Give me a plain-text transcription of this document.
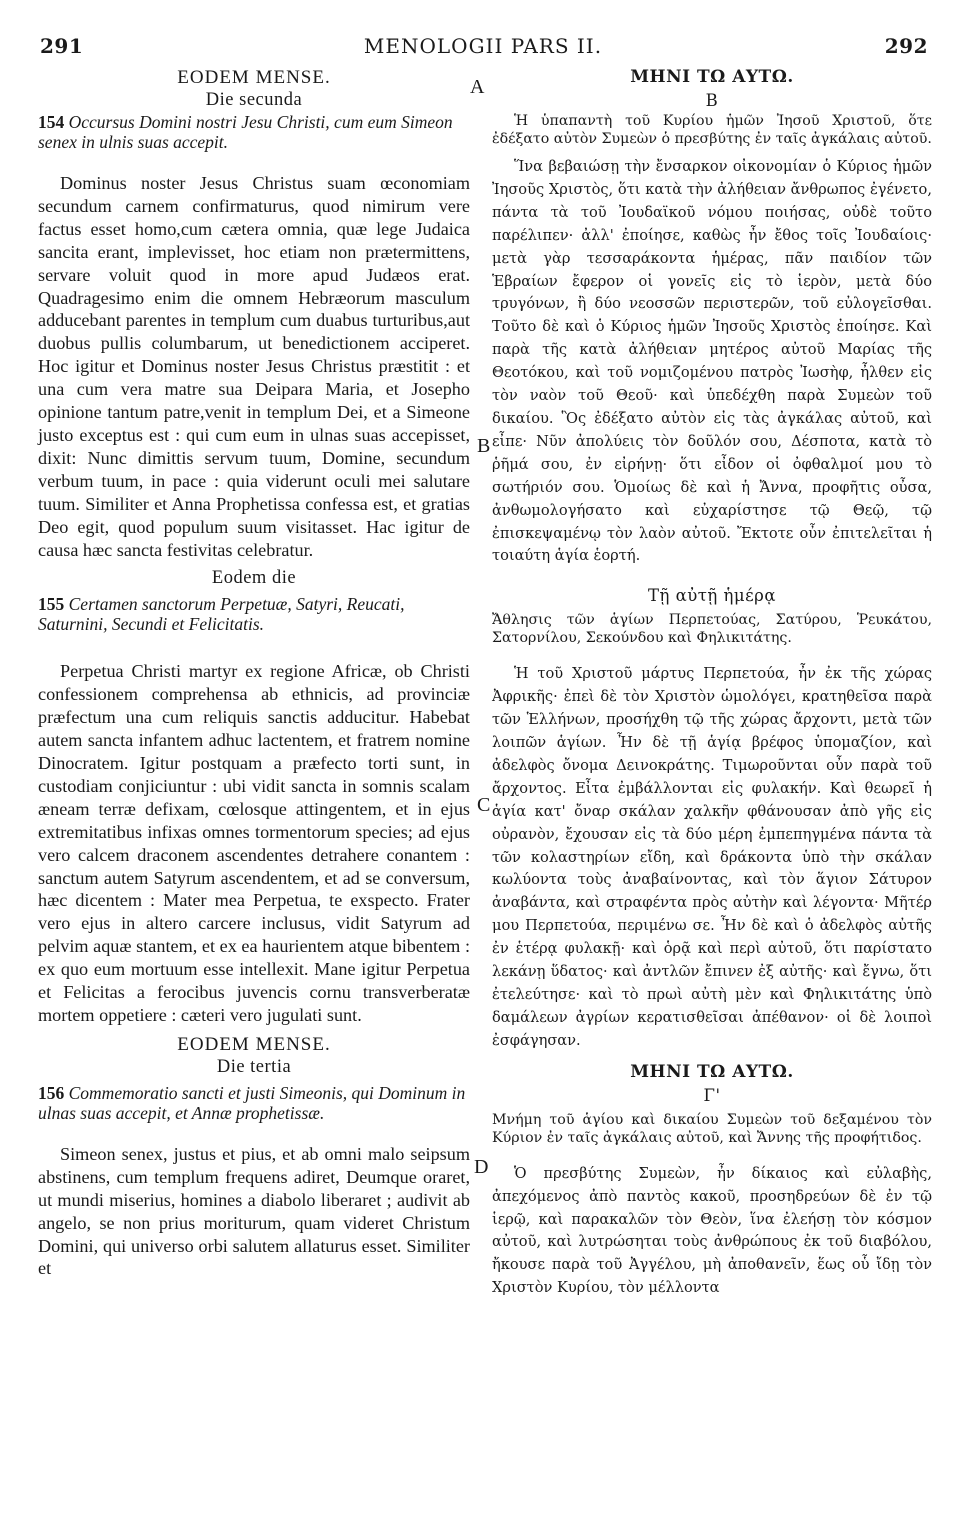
291	MENOLOGII PARS II.	292
A
B
C
D

EODEM MENSE.

Die secunda

154 Occursus Domini nostri Jesu Christi, cum eum Simeon senex in ulnis suas accepit.

Dominus noster Jesus Christus suam œconomiam secundum carnem confirmaturus, quod nimirum vere factus esset homo,cum cætera omnia, quæ lege Judaica sancita erant, implevisset, hoc etiam non prætermittens, servare voluit quod in more apud Judæos erat. Quadragesimo enim die omnem Hebræorum masculum adducebant parentes in templum cum duabus turturibus,aut duobus pullis columbarum, ut benedictionem acciperet. Hoc igitur et Dominus noster Jesus Christus præstitit : et una cum vera matre sua Deipara Maria, et Josepho opinione tantum patre,venit in templum Dei, et a Simeone justo exceptus est : qui cum eum in ulnas suas accepisset, dixit: Nunc dimittis servum tuum, Domine, secundum verbum tuum, in pace : quia viderunt oculi mei salutare tuum. Similiter et Anna Prophetissa confessa est, et gratias Deo egit, quod populum suum visitasset. Hac igitur de causa hæc sancta festivitas celebratur.

Eodem die

155 Certamen sanctorum Perpetuæ, Satyri, Reucati, Saturnini, Secundi et Felicitatis.

Perpetua Christi martyr ex regione Africæ, ob Christi confessionem comprehensa ab ethnicis, ad provinciæ præfectum una cum reliquis sanctis adducitur. Habebat autem sancta infantem adhuc lactentem, et fratrem nomine Dinocratem. Igitur postquam a præfecto torti sunt, in custodiam conjiciuntur : ubi vidit sancta in somnis scalam æneam terræ defixam, cœlosque attingentem, et in ejus extremitatibus infixas omnes tormentorum species; ad ejus vero calcem draconem ascendentes detrahere conantem : sanctum autem Satyrum ascendentem, et ad se conversum, hæc dicentem : Mater mea Perpetua, te exspecto. Frater vero ejus in altero carcere inclusus, vidit Satyrum ad pelvim aquæ stantem, et ex ea haurientem atque bibentem : ex quo eum mortuum esse intellexit. Mane igitur Perpetua et Felicitas a ferocibus juvencis cornu transverberatæ mortem oppetiere : cæteri vero jugulati sunt.

EODEM MENSE.

Die tertia

156 Commemoratio sancti et justi Simeonis, qui Dominum in ulnas suas accepit, et Annæ prophetissæ.

Simeon senex, justus et pius, et ab omni malo seipsum abstinens, cum templum frequens adiret, Deumque oraret, ut mundi miserius, homines a diabolo liberaret ; audivit ab angelo, se non prius moriturum, quam videret Christum Domini, qui universo orbi salutem allaturus esset. Similiter et

ΜΗΝΙ ΤΩ ΑΥΤΩ.

Β

Ἡ ὑπαπαντὴ τοῦ Κυρίου ἡμῶν Ἰησοῦ Χριστοῦ, ὅτε ἐδέξατο αὐτὸν Συμεὼν ὁ πρεσβύτης ἐν ταῖς ἀγκάλαις αὐτοῦ.

Ἵνα βεβαιώσῃ τὴν ἔνσαρκον οἰκονομίαν ὁ Κύριος ἡμῶν Ἰησοῦς Χριστὸς, ὅτι κατὰ τὴν ἀλήθειαν ἄνθρωπος ἐγένετο, πάντα τὰ τοῦ Ἰουδαϊκοῦ νόμου ποιήσας, οὐδὲ τοῦτο παρέλιπεν· ἀλλ' ἐποίησε, καθὼς ἦν ἔθος τοῖς Ἰουδαίοις· μετὰ γὰρ τεσσαράκοντα ἡμέρας, πᾶν παιδίον τῶν Ἑβραίων ἔφερον οἱ γονεῖς εἰς τὸ ἱερὸν, μετὰ δύο τρυγόνων, ἢ δύο νεοσσῶν περιστερῶν, τοῦ εὐλογεῖσθαι. Τοῦτο δὲ καὶ ὁ Κύριος ἡμῶν Ἰησοῦς Χριστὸς ἐποίησε. Καὶ παρὰ τῆς κατὰ ἀλήθειαν μητέρος αὐτοῦ Μαρίας τῆς Θεοτόκου, καὶ τοῦ νομιζομένου πατρὸς Ἰωσὴφ, ἦλθεν εἰς τὸν ναὸν τοῦ Θεοῦ· καὶ ὑπεδέχθη παρὰ Συμεὼν τοῦ δικαίου. Ὃς ἐδέξατο αὐτὸν εἰς τὰς ἀγκάλας αὐτοῦ, καὶ εἶπε· Νῦν ἀπολύεις τὸν δοῦλόν σου, Δέσποτα, κατὰ τὸ ῥῆμά σου, ἐν εἰρήνῃ· ὅτι εἶδον οἱ ὀφθαλμοί μου τὸ σωτήριόν σου. Ὁμοίως δὲ καὶ ἡ Ἄννα, προφῆτις οὖσα, ἀνθωμολογήσατο καὶ εὐχαρίστησε τῷ Θεῷ, τῷ ἐπισκεψαμένῳ τὸν λαὸν αὐτοῦ. Ἔκτοτε οὖν ἐπιτελεῖται ἡ τοιαύτη ἁγία ἑορτή.

Τῇ αὐτῇ ἡμέρᾳ

Ἄθλησις τῶν ἁγίων Περπετούας, Σατύρου, Ῥευκάτου, Σατορνίλου, Σεκούνδου καὶ Φηλικιτάτης.

Ἡ τοῦ Χριστοῦ μάρτυς Περπετούα, ἦν ἐκ τῆς χώρας Ἀφρικῆς· ἐπεὶ δὲ τὸν Χριστὸν ὡμολόγει, κρατηθεῖσα παρὰ τῶν Ἑλλήνων, προσήχθη τῷ τῆς χώρας ἄρχοντι, μετὰ τῶν λοιπῶν ἁγίων. Ἦν δὲ τῇ ἁγίᾳ βρέφος ὑπομαζίον, καὶ ἀδελφὸς ὄνομα Δεινοκράτης. Τιμωροῦνται οὖν παρὰ τοῦ ἄρχοντος. Εἶτα ἐμβάλλονται εἰς φυλακήν. Καὶ θεωρεῖ ἡ ἁγία κατ' ὄναρ σκάλαν χαλκῆν φθάνουσαν ἀπὸ γῆς εἰς οὐρανὸν, ἔχουσαν εἰς τὰ δύο μέρη ἐμπεπηγμένα πάντα τὰ τῶν κολαστηρίων εἴδη, καὶ δράκοντα ὑπὸ τὴν σκάλαν κωλύοντα τοὺς ἀναβαίνοντας, καὶ τὸν ἅγιον Σάτυρον ἀναβάντα, καὶ στραφέντα πρὸς αὐτὴν καὶ λέγοντα· Μῆτέρ μου Περπετούα, περιμένω σε. Ἦν δὲ καὶ ὁ ἀδελφὸς αὐτῆς ἐν ἑτέρᾳ φυλακῇ· καὶ ὁρᾷ καὶ περὶ αὐτοῦ, ὅτι παρίστατο λεκάνῃ ὕδατος· καὶ ἀντλῶν ἔπινεν ἐξ αὐτῆς· καὶ ἔγνω, ὅτι ἐτελεύτησε· καὶ τὸ πρωὶ αὐτὴ μὲν καὶ Φηλικιτάτης ὑπὸ δαμάλεων ἀγρίων κερατισθεῖσαι ἀπέθανον· οἱ δὲ λοιποὶ ἐσφάγησαν.

ΜΗΝΙ ΤΩ ΑΥΤΩ.

Γ'

Μνήμη τοῦ ἁγίου καὶ δικαίου Συμεὼν τοῦ δεξαμένου τὸν Κύριον ἐν ταῖς ἀγκάλαις αὐτοῦ, καὶ Ἄννης τῆς προφήτιδος.

Ὁ πρεσβύτης Συμεὼν, ἦν δίκαιος καὶ εὐλαβὴς, ἀπεχόμενος ἀπὸ παντὸς κακοῦ, προσηδρεύων δὲ ἐν τῷ ἱερῷ, καὶ παρακαλῶν τὸν Θεὸν, ἵνα ἐλεήσῃ τὸν κόσμον αὐτοῦ, καὶ λυτρώσηται τοὺς ἀνθρώπους ἐκ τοῦ διαβόλου, ἤκουσε παρὰ τοῦ Ἀγγέλου, μὴ ἀποθανεῖν, ἕως οὗ ἴδῃ τὸν Χριστὸν Κυρίου, τὸν μέλλοντα
